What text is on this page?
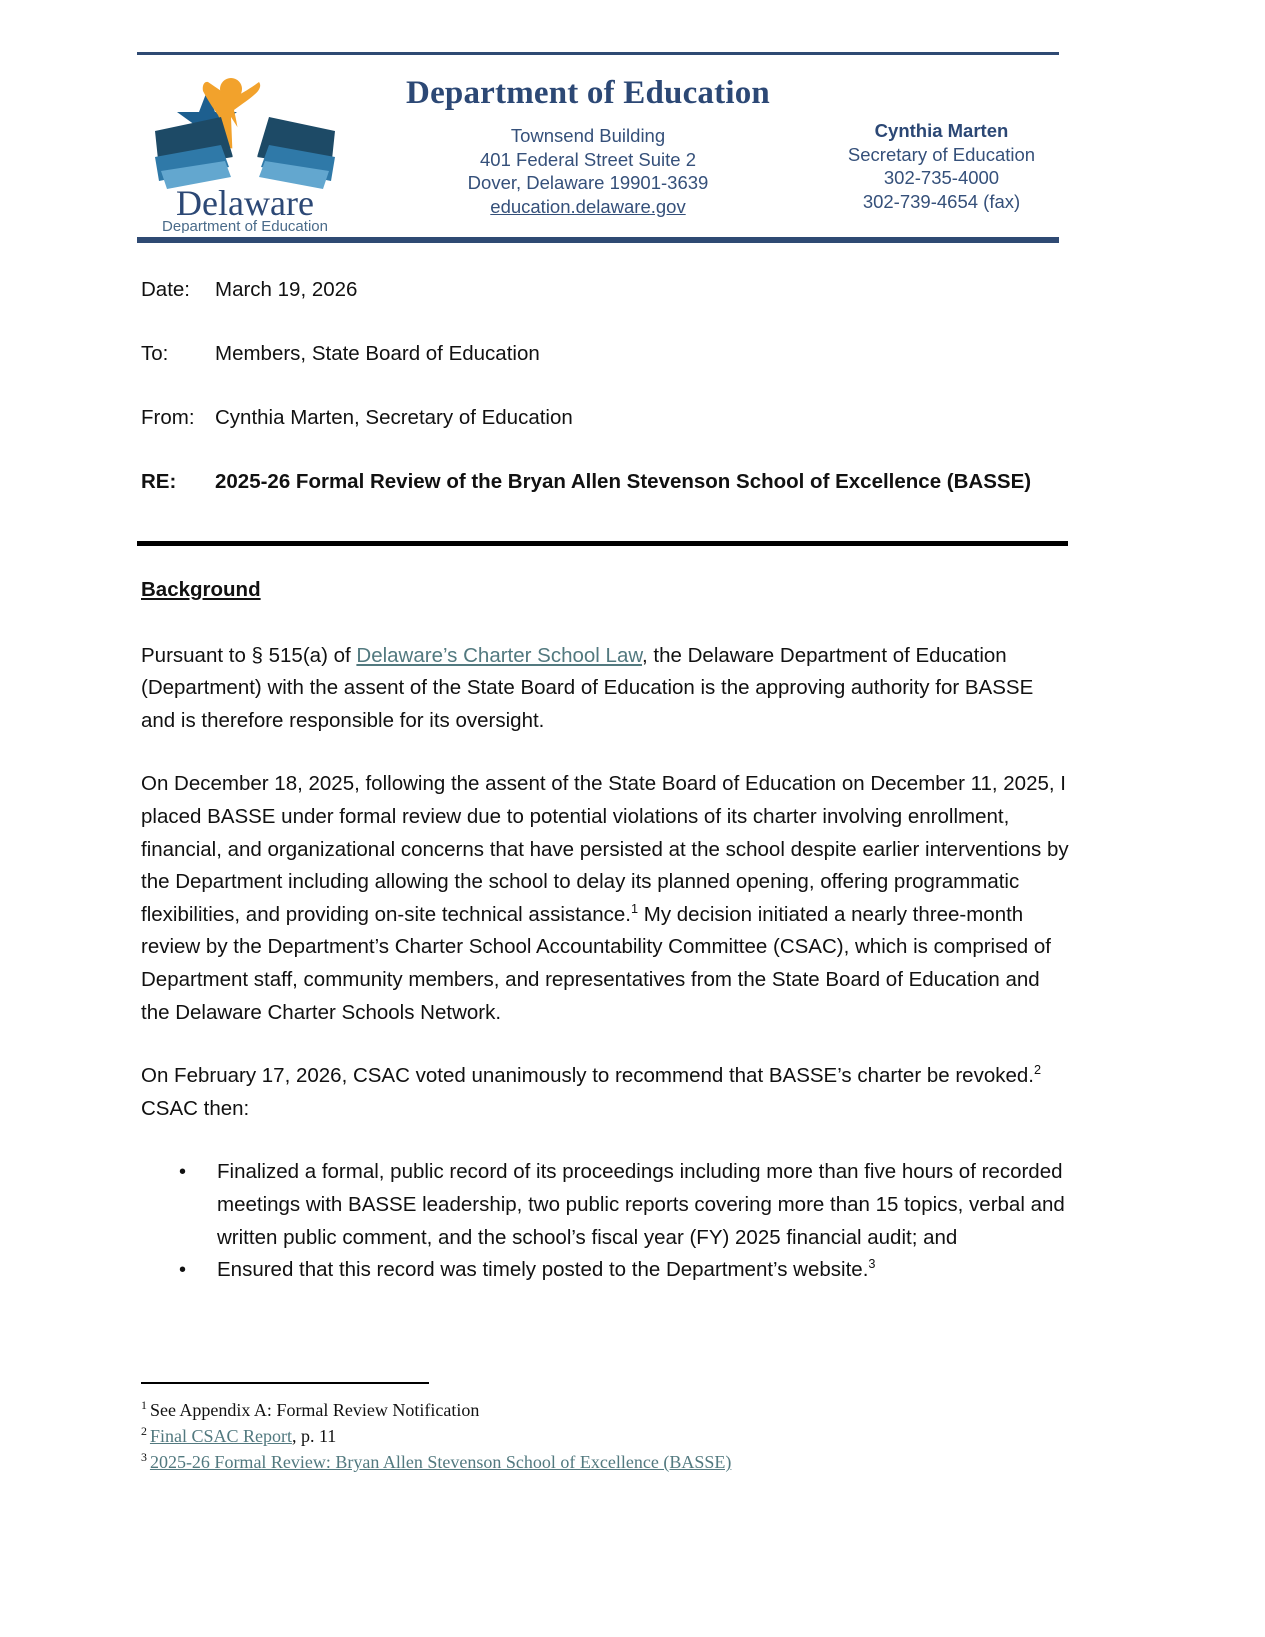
Delaware
Department of Education
Department of Education
Townsend Building
401 Federal Street Suite 2
Dover, Delaware 19901-3639
education.delaware.gov
Cynthia Marten
Secretary of Education
302-735-4000
302-739-4654 (fax)
Date:	March 19, 2026
To:	Members, State Board of Education
From: Cynthia Marten, Secretary of Education
RE:	2025-26 Formal Review of the Bryan Allen Stevenson School of Excellence (BASSE)
Background

Pursuant to § 515(a) of Delaware’s Charter School Law, the Delaware Department of Education (Department) with the assent of the State Board of Education is the approving authority for BASSE and is therefore responsible for its oversight.

On December 18, 2025, following the assent of the State Board of Education on December 11, 2025, I placed BASSE under formal review due to potential violations of its charter involving enrollment, financial, and organizational concerns that have persisted at the school despite earlier interventions by the Department including allowing the school to delay its planned opening, offering programmatic flexibilities, and providing on-site technical assistance.$^1$ My decision initiated a nearly three-month review by the Department’s Charter School Accountability Committee (CSAC), which is comprised of Department staff, community members, and representatives from the State Board of Education and the Delaware Charter Schools Network.

On February 17, 2026, CSAC voted unanimously to recommend that BASSE’s charter be revoked.$^2$ CSAC then:

• Finalized a formal, public record of its proceedings including more than five hours of recorded meetings with BASSE leadership, two public reports covering more than 15 topics, verbal and written public comment, and the school’s fiscal year (FY) 2025 financial audit; and
• Ensured that this record was timely posted to the Department’s website.$^3$
$^1$ See Appendix A: Formal Review Notification
$^2$ Final CSAC Report, p. 11
$^3$ 2025-26 Formal Review: Bryan Allen Stevenson School of Excellence (BASSE)
